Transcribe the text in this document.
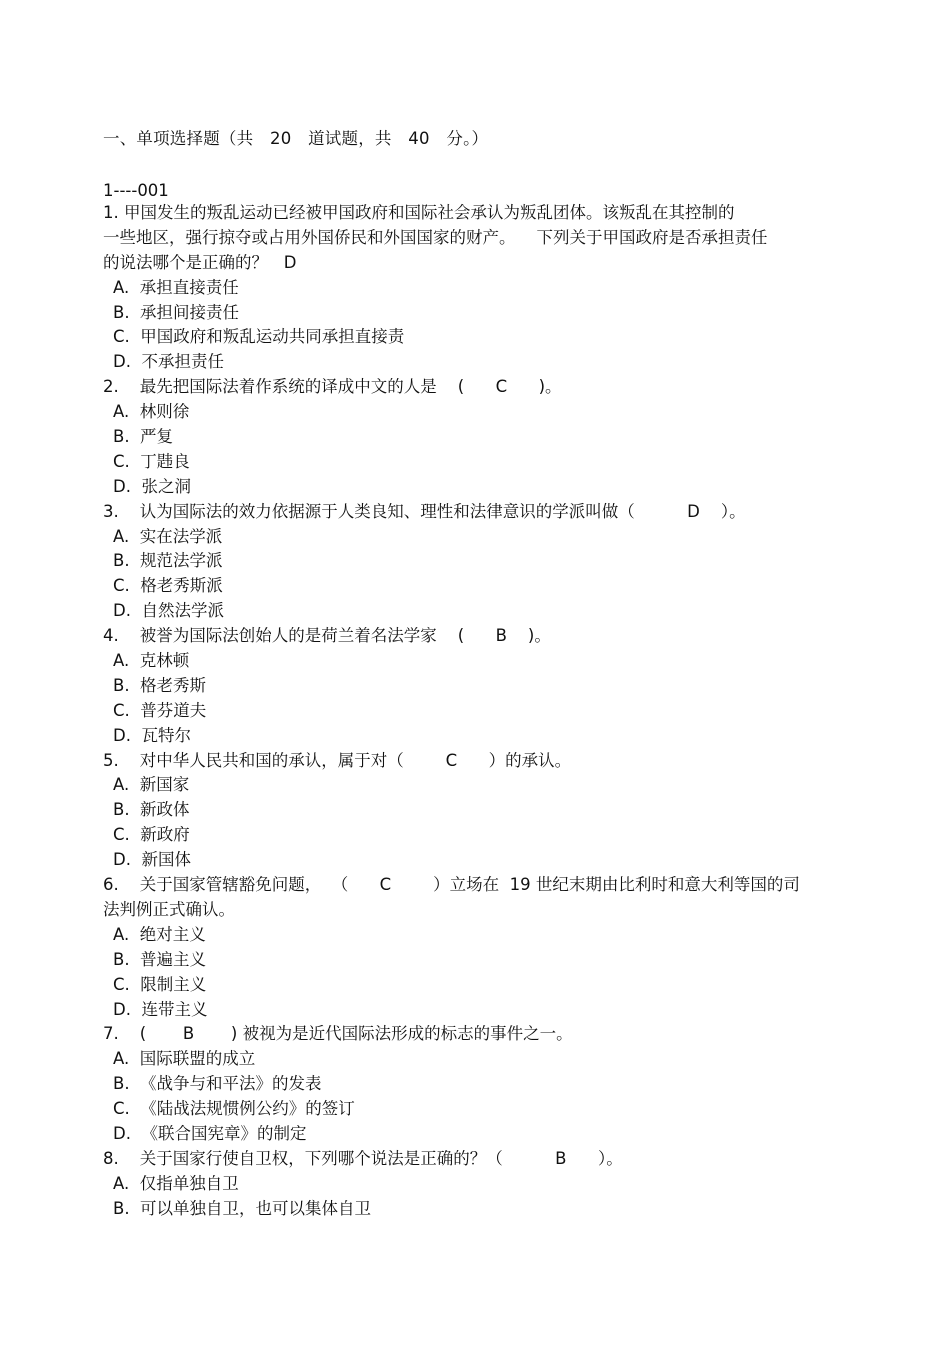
一、单项选择题（共　20　道试题，共　40　分。）
1----001
1. 甲国发生的叛乱运动已经被甲国政府和国际社会承认为叛乱团体。该叛乱在其控制的
一些地区，强行掠夺或占用外国侨民和外国国家的财产。    下列关于甲国政府是否承担责任
的说法哪个是正确的？   D
A.  承担直接责任
B.  承担间接责任
C.  甲国政府和叛乱运动共同承担直接责
D.  不承担责任
2.    最先把国际法着作系统的译成中文的人是    (      C      )。
A.  林则徐
B.  严复
C.  丁韪良
D.  张之洞
3.    认为国际法的效力依据源于人类良知、理性和法律意识的学派叫做（          D    ）。
A.  实在法学派
B.  规范法学派
C.  格老秀斯派
D.  自然法学派
4.    被誉为国际法创始人的是荷兰着名法学家    (      B    )。
A.  克林顿
B.  格老秀斯
C.  普芬道夫
D.  瓦特尔
5.    对中华人民共和国的承认，属于对（        C      ）的承认。
A.  新国家
B.  新政体
C.  新政府
D.  新国体
6.    关于国家管辖豁免问题，  （      C        ）立场在  19 世纪末期由比利时和意大利等国的司
法判例正式确认。
A.  绝对主义
B.  普遍主义
C.  限制主义
D.  连带主义
7.    (       B       ) 被视为是近代国际法形成的标志的事件之一。
A.  国际联盟的成立
B.  《战争与和平法》的发表
C.  《陆战法规惯例公约》的签订
D.  《联合国宪章》的制定
8.    关于国家行使自卫权，下列哪个说法是正确的？（          B      ）。
A.  仅指单独自卫
B.  可以单独自卫，也可以集体自卫
